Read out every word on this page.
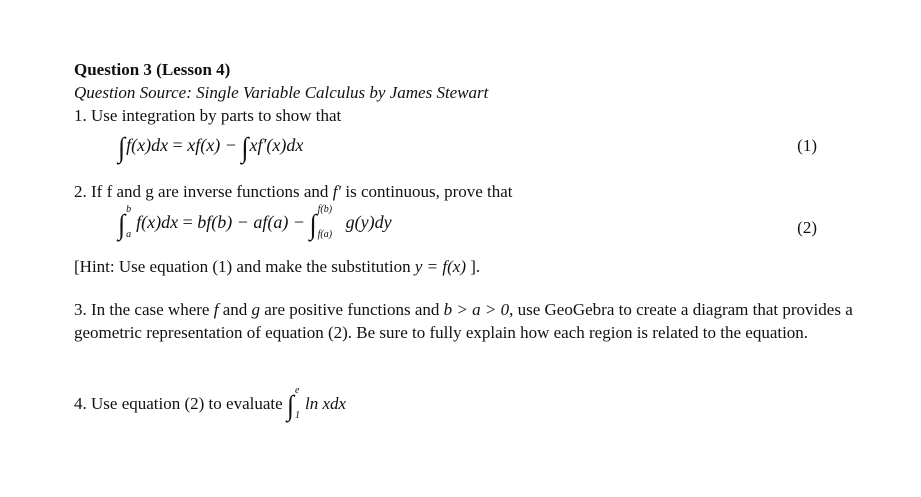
Question 3 (Lesson 4)
Question Source: Single Variable Calculus by James Stewart
1. Use integration by parts to show that
∫f(x)dx = xf(x) − ∫xf′(x)dx	(1)
2. If f and g are inverse functions and f′ is continuous, prove that
∫ b
a
f(x)dx = bf(b) − af(a) − ∫ f(b)
f(a)
g(y)dy	(2)
[Hint: Use equation (1) and make the substitution y = f(x) ].
3. In the case where f and g are positive functions and b > a > 0, use GeoGebra to create a diagram that provides a geometric representation of equation (2). Be sure to fully explain how each region is related to the equation.
4. Use equation (2) to evaluate ∫ e
1
ln xdx
